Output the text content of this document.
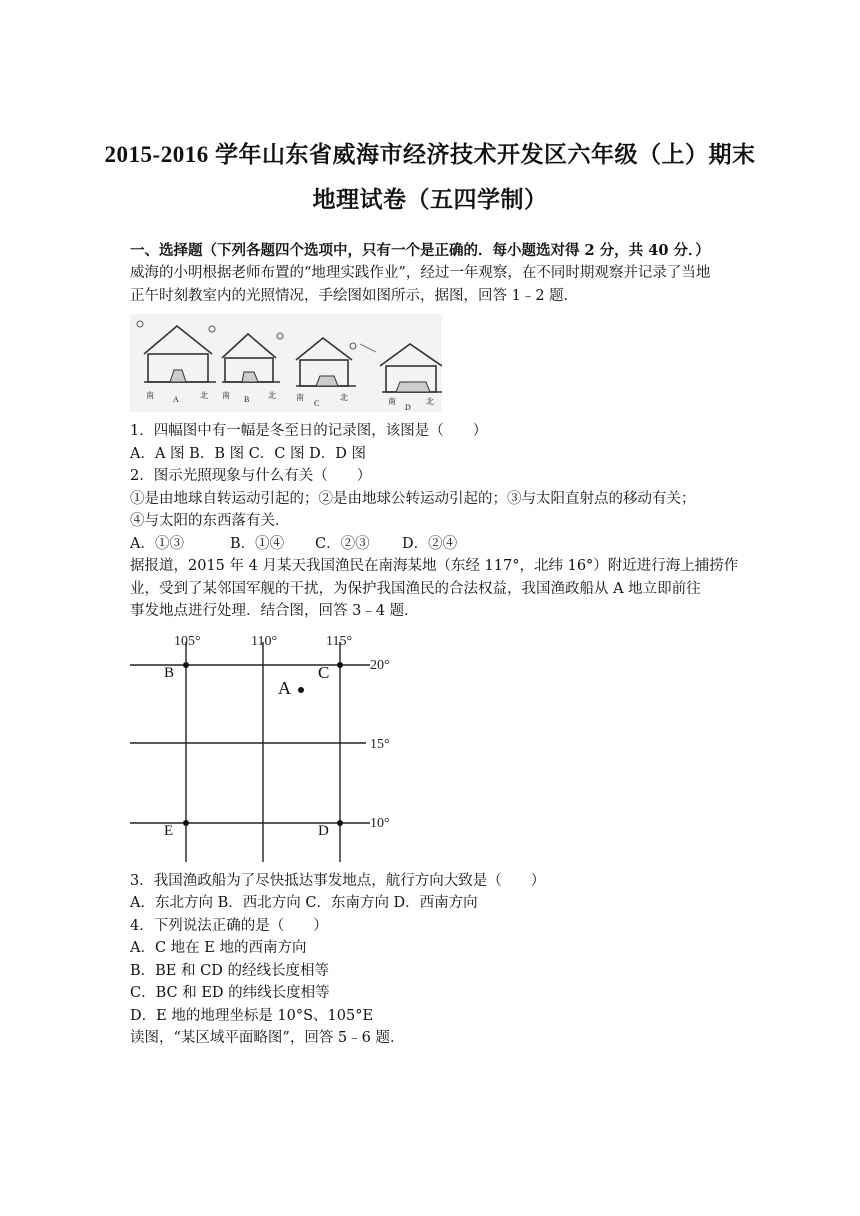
2015-2016 学年山东省威海市经济技术开发区六年级（上）期末
地理试卷（五四学制）
一、选择题（下列各题四个选项中，只有一个是正确的．每小题选对得 2 分，共 40 分．）
威海的小明根据老师布置的“地理实践作业”，经过一年观察，在不同时期观察并记录了当地
正午时刻教室内的光照情况，手绘图如图所示，据图，回答 1﹣2 题．
南 A	北 南 B 北	南
C
北	南
D
北
1．四幅图中有一幅是冬至日的记录图，该图是（　　）
A．A 图 B．B 图 C．C 图 D．D 图
2．图示光照现象与什么有关（　　）
①是由地球自转运动引起的；②是由地球公转运动引起的；③与太阳直射点的移动有关；
④与太阳的东西落有关．
A．①③	B．①④ C．②③ D．②④
据报道，2015 年 4 月某天我国渔民在南海某地（东经 117°，北纬 16°）附近进行海上捕捞作
业，受到了某邻国军舰的干扰，为保护我国渔民的合法权益，我国渔政船从 A 地立即前往
事发地点进行处理．结合图，回答 3﹣4 题．
105°	110°	115°
20°
15°
10°
B	C
A
E	D
3．我国渔政船为了尽快抵达事发地点，航行方向大致是（　　）
A．东北方向 B．西北方向 C．东南方向 D．西南方向
4．下列说法正确的是（　　）
A．C 地在 E 地的西南方向
B．BE 和 CD 的经线长度相等
C．BC 和 ED 的纬线长度相等
D．E 地的地理坐标是 10°S、105°E
读图，“某区域平面略图”，回答 5﹣6 题．
